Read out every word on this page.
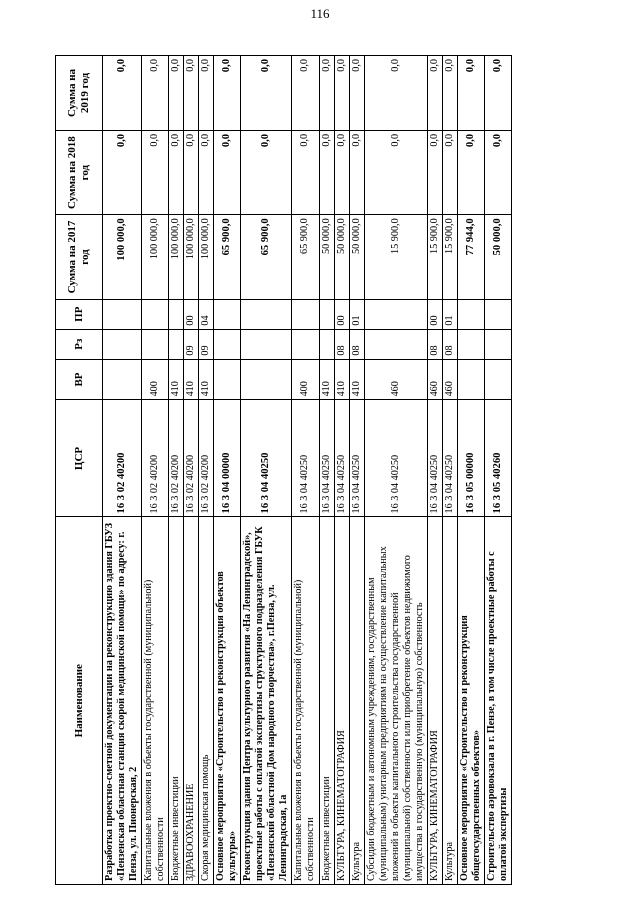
116
Наименование	ЦСР	ВР	Рз	ПР	Сумма на 2017 год	Сумма на 2018 год	Сумма на 2019 год
Разработка проектно-сметной документации на реконструкцию здания ГБУЗ «Пензенская областная станция скорой медицинской помощи» по адресу: г. Пенза, ул. Пионерская, 2	16 3 02 40200				100 000,0	0,0	0,0
Капитальные вложения в объекты государственной (муниципальной) собственности	16 3 02 40200	400			100 000,0	0,0	0,0
Бюджетные инвестиции	16 3 02 40200	410			100 000,0	0,0	0,0
ЗДРАВООХРАНЕНИЕ	16 3 02 40200	410	09	00	100 000,0	0,0	0,0
Скорая медицинская помощь	16 3 02 40200	410	09	04	100 000,0	0,0	0,0
Основное мероприятие «Строительство и реконструкция объектов культуры»	16 3 04 00000				65 900,0	0,0	0,0
Реконструкция здания Центра культурного развития «На Ленинградской», проектные работы с оплатой экспертизы структурного подразделения ГБУК «Пензенский областной Дом народного творчества», г.Пенза, ул. Ленинградская, 1а	16 3 04 40250				65 900,0	0,0	0,0
Капитальные вложения в объекты государственной (муниципальной) собственности	16 3 04 40250	400			65 900,0	0,0	0,0
Бюджетные инвестиции	16 3 04 40250	410			50 000,0	0,0	0,0
КУЛЬТУРА, КИНЕМАТОГРАФИЯ	16 3 04 40250	410	08	00	50 000,0	0,0	0,0
Культура	16 3 04 40250	410	08	01	50 000,0	0,0	0,0
Субсидии бюджетным и автономным учреждениям, государственным (муниципальным) унитарным предприятиям на осуществление капитальных вложений в объекты капитального строительства государственной (муниципальной) собственности или приобретение объектов недвижимого имущества в государственную (муниципальную) собственность	16 3 04 40250	460			15 900,0	0,0	0,0
КУЛЬТУРА, КИНЕМАТОГРАФИЯ	16 3 04 40250	460	08	00	15 900,0	0,0	0,0
Культура	16 3 04 40250	460	08	01	15 900,0	0,0	0,0
Основное мероприятие «Строительство и реконструкция общегосударственных объектов»	16 3 05 00000				77 944,0	0,0	0,0
Строительство аэровокзала в г. Пензе, в том числе проектные работы с оплатой экспертизы	16 3 05 40260				50 000,0	0,0	0,0
